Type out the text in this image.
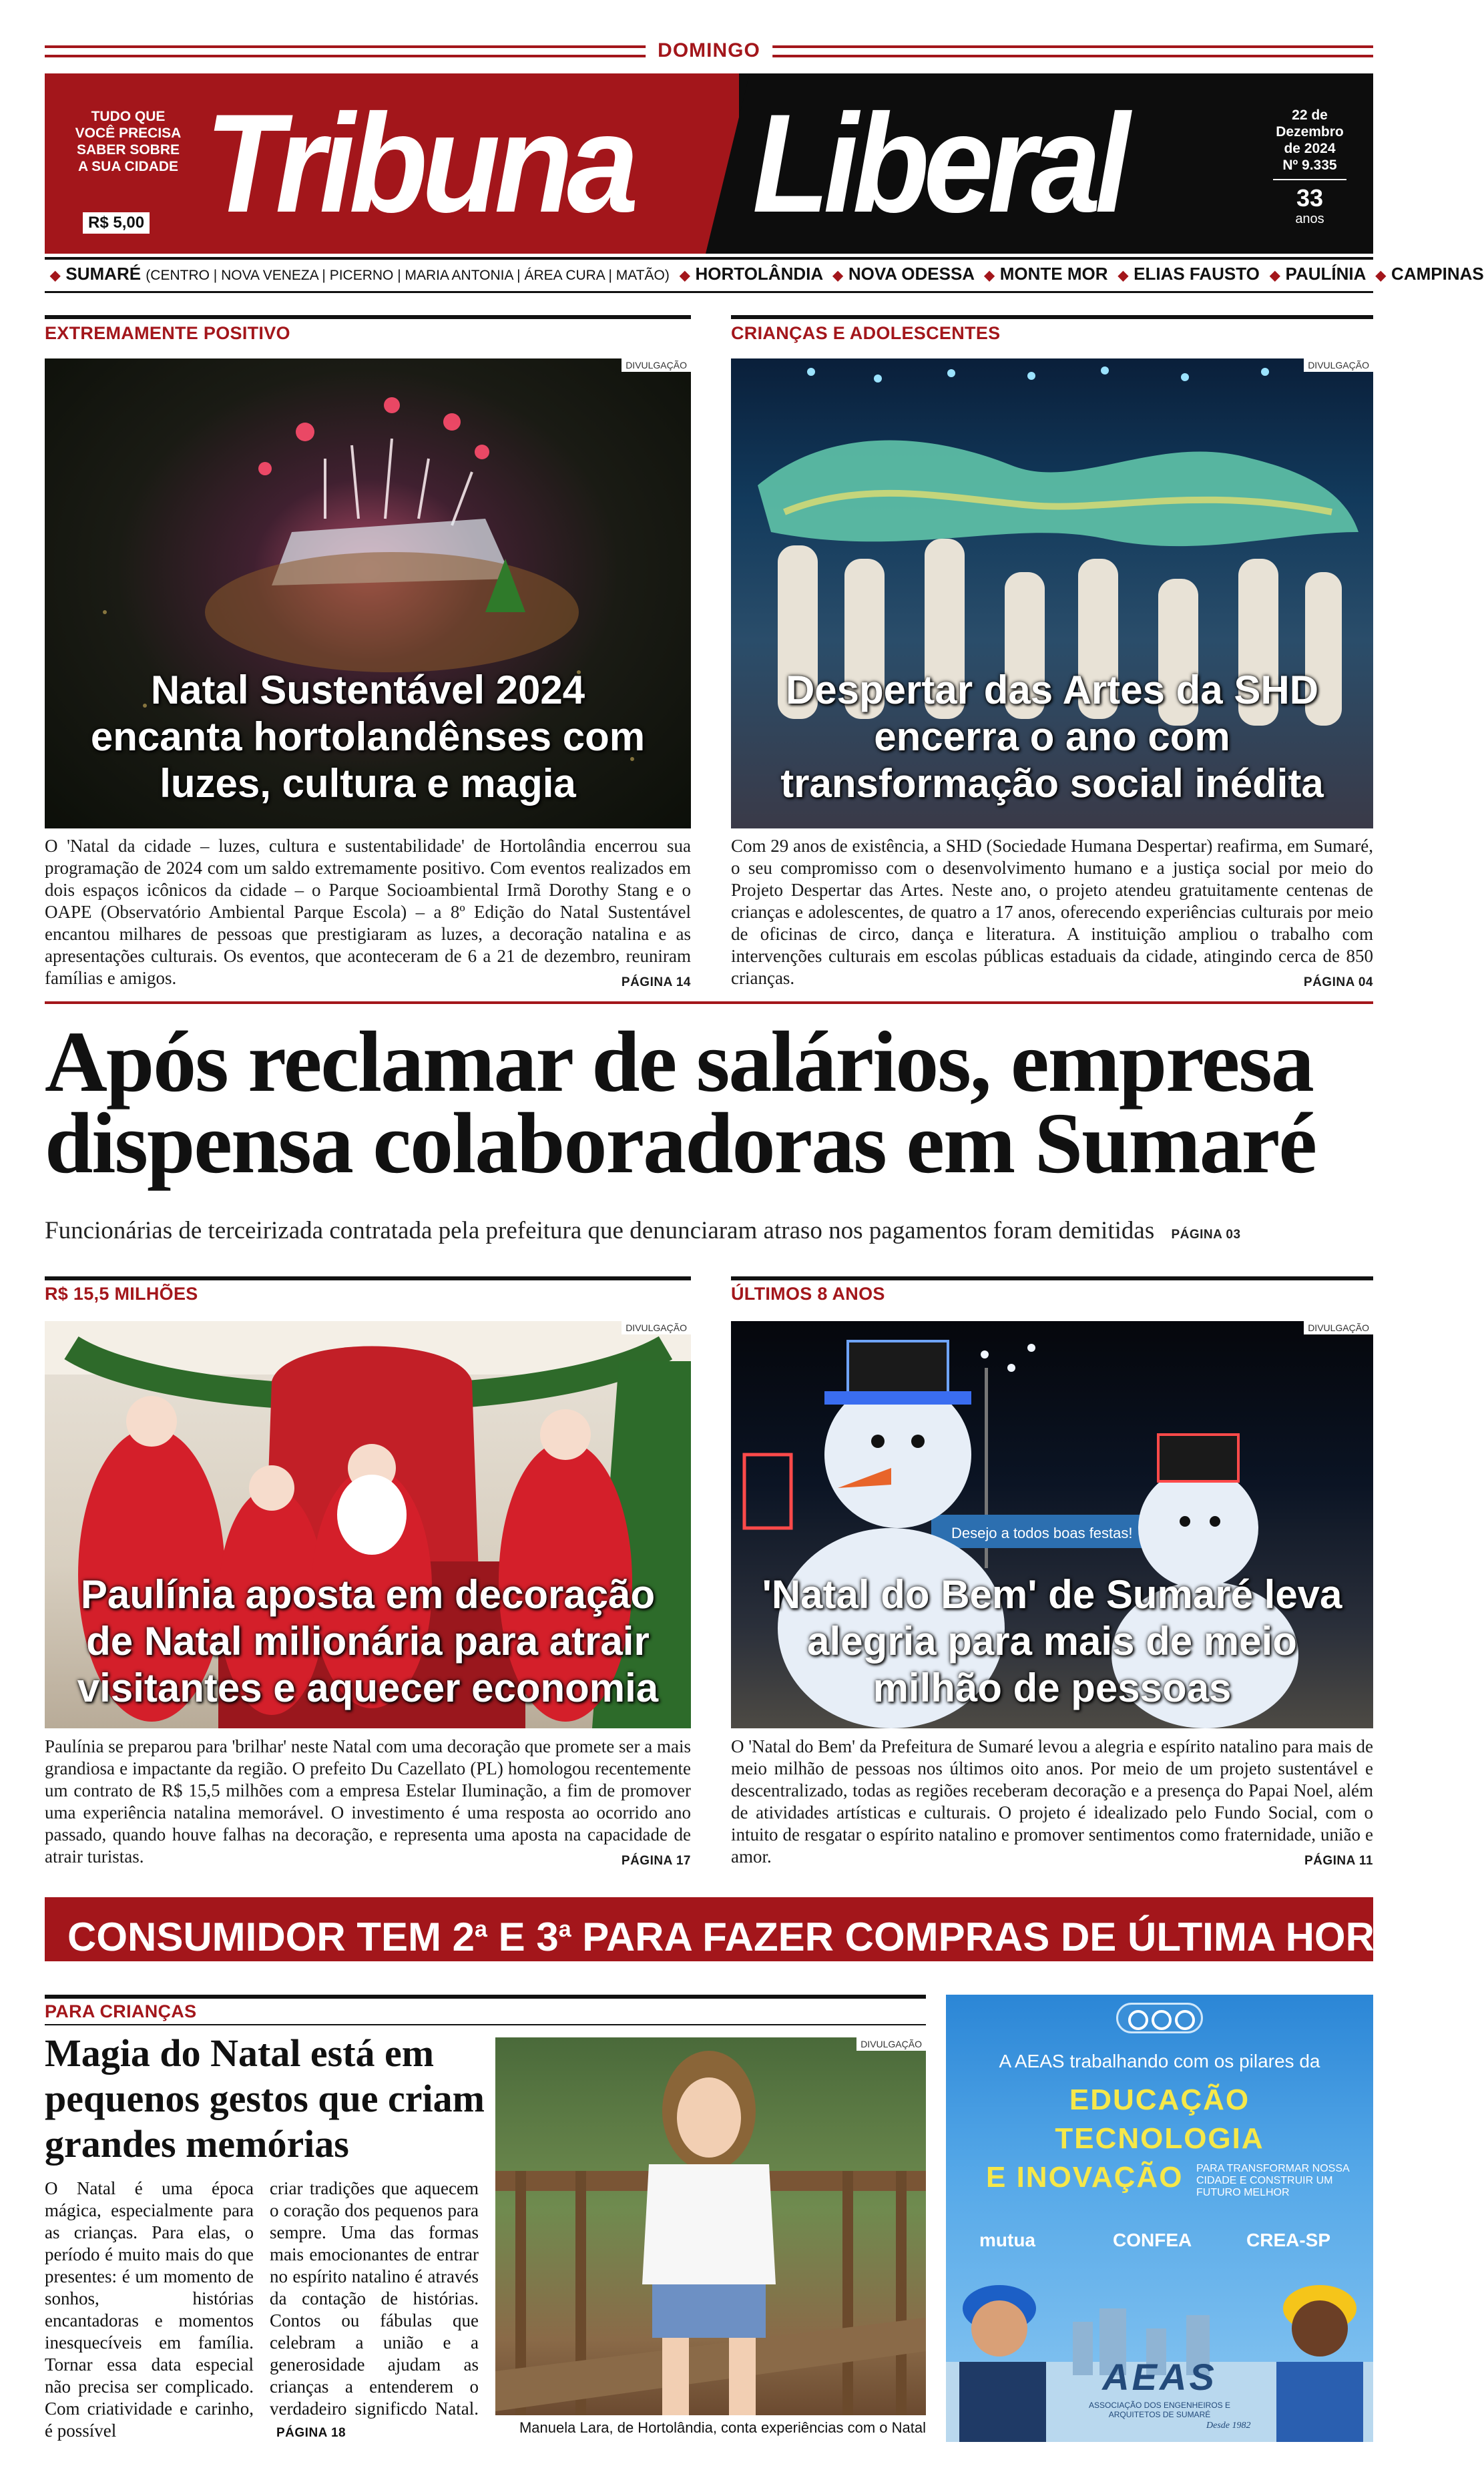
DOMINGO
TUDO QUE VOCÊ PRECISA SABER SOBRE A SUA CIDADE
R$ 5,00 Tribuna Liberal	22 de
Dezembro
de 2024
Nº 9.335
33
anos
◆ SUMARÉ (CENTRO | NOVA VENEZA | PICERNO | MARIA ANTONIA | ÁREA CURA | MATÃO) ◆ HORTOLÂNDIA ◆ NOVA ODESSA ◆ MONTE MOR ◆ ELIAS FAUSTO ◆ PAULÍNIA ◆ CAMPINAS
EXTREMAMENTE POSITIVO
DIVULGAÇÃO
Natal Sustentável 2024 encanta hortolandênses com luzes, cultura e magia
O 'Natal da cidade – luzes, cultura e sustentabilidade' de Hortolândia encerrou sua programação de 2024 com um saldo extremamente positivo. Com eventos realizados em dois espaços icônicos da cidade – o Parque Socioambiental Irmã Dorothy Stang e o OAPE (Observatório Ambiental Parque Escola) – a 8º Edição do Natal Sustentável encantou milhares de pessoas que prestigiaram as luzes, a decoração natalina e as apresentações culturais. Os eventos, que aconteceram de 6 a 21 de dezembro, reuniram famílias e amigos.	PÁGINA 14
CRIANÇAS E ADOLESCENTES
DIVULGAÇÃO
Despertar das Artes da SHD encerra o ano com transformação social inédita
Com 29 anos de existência, a SHD (Sociedade Humana Despertar) reafirma, em Sumaré, o seu compromisso com o desenvolvimento humano e a justiça social por meio do Projeto Despertar das Artes. Neste ano, o projeto atendeu gratuitamente centenas de crianças e adolescentes, de quatro a 17 anos, oferecendo experiências culturais por meio de oficinas de circo, dança e literatura. A instituição ampliou o trabalho com intervenções culturais em escolas públicas estaduais da cidade, atingindo cerca de 850 crianças.	PÁGINA 04
Após reclamar de salários, empresa dispensa colaboradoras em Sumaré
Funcionárias de terceirizada contratada pela prefeitura que denunciaram atraso nos pagamentos foram demitidas PÁGINA 03
R$ 15,5 MILHÕES
DIVULGAÇÃO
Paulínia aposta em decoração de Natal milionária para atrair visitantes e aquecer economia
Paulínia se preparou para 'brilhar' neste Natal com uma decoração que promete ser a mais grandiosa e impactante da região. O prefeito Du Cazellato (PL) homologou recentemente um contrato de R$ 15,5 milhões com a empresa Estelar Iluminação, a fim de promover uma experiência natalina memorável. O investimento é uma resposta ao ocorrido ano passado, quando houve falhas na decoração, e representa uma aposta na capacidade de atrair turistas.	PÁGINA 17
ÚLTIMOS 8 ANOS
Desejo a todos boas festas!
DIVULGAÇÃO
'Natal do Bem' de Sumaré leva alegria para mais de meio milhão de pessoas
O 'Natal do Bem' da Prefeitura de Sumaré levou a alegria e espírito natalino para mais de meio milhão de pessoas nos últimos oito anos. Por meio de um projeto sustentável e descentralizado, todas as regiões receberam decoração e a presença do Papai Noel, além de atividades artísticas e culturais. O projeto é idealizado pelo Fundo Social, com o intuito de resgatar o espírito natalino e promover sentimentos como fraternidade, união e amor.	PÁGINA 11
CONSUMIDOR TEM 2$^a$ E 3$^a$ PARA FAZER COMPRAS DE ÚLTIMA HORA PÁG. 07
PARA CRIANÇAS
Magia do Natal está em pequenos gestos que criam grandes memórias
O Natal é uma época mágica, especialmente para as crianças. Para elas, o período é muito mais do que presentes: é um momento de sonhos, histórias encantadoras e momentos inesquecíveis em família. Tornar essa data especial não precisa ser complicado. Com criatividade e carinho, é possível
criar tradições que aquecem o coração dos pequenos para sempre. Uma das formas mais emocionantes de entrar no espírito natalino é através da contação de histórias. Contos ou fábulas que celebram a união e a generosidade ajudam as crianças a entenderem o verdadeiro significdo Natal. PÁGINA 18
DIVULGAÇÃO
Manuela Lara, de Hortolândia, conta experiências com o Natal
A AEAS trabalhando com os pilares da
EDUCAÇÃO
TECNOLOGIA
E INOVAÇÃO PARA TRANSFORMAR NOSSA CIDADE E CONSTRUIR UM FUTURO MELHOR
mutua	CONFEA	CREA-SP
AEAS
ASSOCIAÇÃO DOS ENGENHEIROS E ARQUITETOS DE SUMARÉ
Desde 1982
